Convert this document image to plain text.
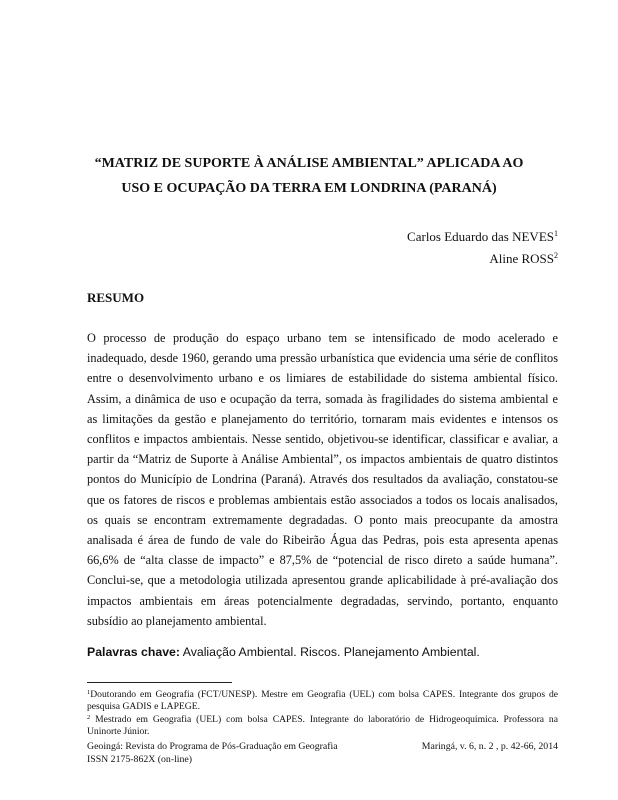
“MATRIZ DE SUPORTE À ANÁLISE AMBIENTAL” APLICADA AO
USO E OCUPAÇÃO DA TERRA EM LONDRINA (PARANÁ)
Carlos Eduardo das NEVES$^1$
Aline ROSS$^2$
RESUMO

O processo de produção do espaço urbano tem se intensificado de modo acelerado e inadequado, desde 1960, gerando uma pressão urbanística que evidencia uma série de conflitos entre o desenvolvimento urbano e os limiares de estabilidade do sistema ambiental físico. Assim, a dinâmica de uso e ocupação da terra, somada às fragilidades do sistema ambiental e as limitações da gestão e planejamento do território, tornaram mais evidentes e intensos os conflitos e impactos ambientais. Nesse sentido, objetivou-se identificar, classificar e avaliar, a partir da “Matriz de Suporte à Análise Ambiental”, os impactos ambientais de quatro distintos pontos do Município de Londrina (Paraná). Através dos resultados da avaliação, constatou-se que os fatores de riscos e problemas ambientais estão associados a todos os locais analisados, os quais se encontram extremamente degradadas. O ponto mais preocupante da amostra analisada é área de fundo de vale do Ribeirão Água das Pedras, pois esta apresenta apenas 66,6% de “alta classe de impacto” e 87,5% de “potencial de risco direto a saúde humana”. Conclui-se, que a metodologia utilizada apresentou grande aplicabilidade à pré-avaliação dos impactos ambientais em áreas potencialmente degradadas, servindo, portanto, enquanto subsídio ao planejamento ambiental.

Palavras chave: Avaliação Ambiental. Riscos. Planejamento Ambiental.

$^1$Doutorando em Geografia (FCT/UNESP). Mestre em Geografia (UEL) com bolsa CAPES. Integrante dos grupos de pesquisa GADIS e LAPEGE.

$^2$ Mestrado em Geografia (UEL) com bolsa CAPES. Integrante do laboratório de Hidrogeoquímica. Professora na Uninorte Júnior.

Geoingá: Revista do Programa de Pós-Graduação em Geografia
ISSN 2175-862X (on-line)
Maringá, v. 6, n. 2 , p. 42-66, 2014
